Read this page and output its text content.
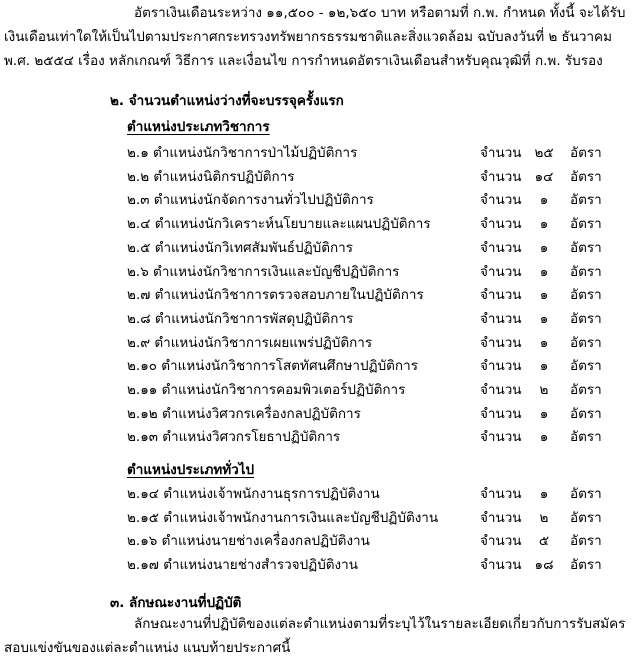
อัตราเงินเดือนระหว่าง ๑๑,๕๐๐ - ๑๒,๖๕๐ บาท หรือตามที่ ก.พ. กำหนด ทั้งนี้ จะได้รับ
เงินเดือนเท่าใดให้เป็นไปตามประกาศกระทรวงทรัพยากรธรรมชาติและสิ่งแวดล้อม ฉบับลงวันที่ ๒ ธันวาคม
พ.ศ. ๒๕๕๔ เรื่อง หลักเกณฑ์ วิธีการ และเงื่อนไข การกำหนดอัตราเงินเดือนสำหรับคุณวุฒิที่ ก.พ. รับรอง
๒. จำนวนตำแหน่งว่างที่จะบรรจุครั้งแรก
ตำแหน่งประเภทวิชาการ
๒.๑ ตำแหน่งนักวิชาการป่าไม้ปฏิบัติการ	จำนวน ๒๕	อัตรา
๒.๒ ตำแหน่งนิติกรปฏิบัติการ	จำนวน ๑๔	อัตรา
๒.๓ ตำแหน่งนักจัดการงานทั่วไปปฏิบัติการ	จำนวน	๑	อัตรา
๒.๔ ตำแหน่งนักวิเคราะห์นโยบายและแผนปฏิบัติการ	จำนวน	๑	อัตรา
๒.๕ ตำแหน่งนักวิเทศสัมพันธ์ปฏิบัติการ	จำนวน	๑	อัตรา
๒.๖ ตำแหน่งนักวิชาการเงินและบัญชีปฏิบัติการ	จำนวน	๑	อัตรา
๒.๗ ตำแหน่งนักวิชาการตรวจสอบภายในปฏิบัติการ	จำนวน	๑	อัตรา
๒.๘ ตำแหน่งนักวิชาการพัสดุปฏิบัติการ	จำนวน	๑	อัตรา
๒.๙ ตำแหน่งนักวิชาการเผยแพร่ปฏิบัติการ	จำนวน	๑	อัตรา
๒.๑๐ ตำแหน่งนักวิชาการโสตทัศนศึกษาปฏิบัติการ	จำนวน	๑	อัตรา
๒.๑๑ ตำแหน่งนักวิชาการคอมพิวเตอร์ปฏิบัติการ	จำนวน	๒	อัตรา
๒.๑๒ ตำแหน่งวิศวกรเครื่องกลปฏิบัติการ	จำนวน	๑	อัตรา
๒.๑๓ ตำแหน่งวิศวกรโยธาปฏิบัติการ	จำนวน	๑	อัตรา
ตำแหน่งประเภททั่วไป
๒.๑๔ ตำแหน่งเจ้าพนักงานธุรการปฏิบัติงาน	จำนวน	๑	อัตรา
๒.๑๕ ตำแหน่งเจ้าพนักงานการเงินและบัญชีปฏิบัติงาน	จำนวน	๒	อัตรา
๒.๑๖ ตำแหน่งนายช่างเครื่องกลปฏิบัติงาน	จำนวน	๕	อัตรา
๒.๑๗ ตำแหน่งนายช่างสำรวจปฏิบัติงาน	จำนวน ๑๘	อัตรา
๓. ลักษณะงานที่ปฏิบัติ
ลักษณะงานที่ปฏิบัติของแต่ละตำแหน่ง ตามที่ระบุไว้ในรายละเอียดเกี่ยวกับการรับสมัคร
สอบแข่งขันของแต่ละตำแหน่ง แนบท้ายประกาศนี้
